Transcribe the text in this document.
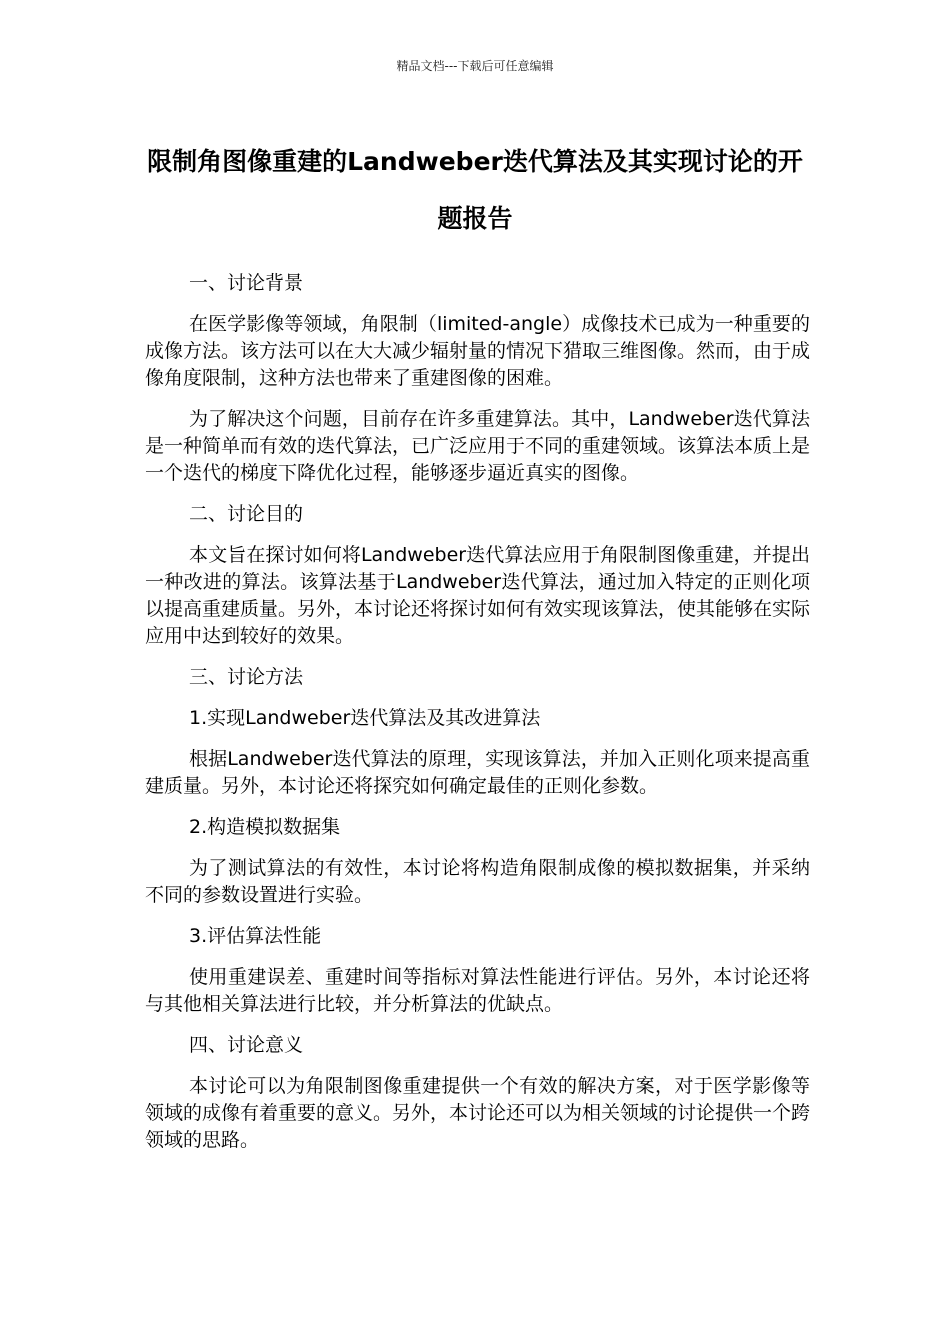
精品文档---下载后可任意编辑
限制角图像重建的Landweber迭代算法及其实现讨论的开题报告

一、讨论背景

在医学影像等领域，角限制（limited-angle）成像技术已成为一种重要的成像方法。该方法可以在大大减少辐射量的情况下猎取三维图像。然而，由于成像角度限制，这种方法也带来了重建图像的困难。

为了解决这个问题，目前存在许多重建算法。其中，Landweber迭代算法是一种简单而有效的迭代算法，已广泛应用于不同的重建领域。该算法本质上是一个迭代的梯度下降优化过程，能够逐步逼近真实的图像。

二、讨论目的

本文旨在探讨如何将Landweber迭代算法应用于角限制图像重建，并提出一种改进的算法。该算法基于Landweber迭代算法，通过加入特定的正则化项以提高重建质量。另外，本讨论还将探讨如何有效实现该算法，使其能够在实际应用中达到较好的效果。

三、讨论方法

1.实现Landweber迭代算法及其改进算法

根据Landweber迭代算法的原理，实现该算法，并加入正则化项来提高重建质量。另外，本讨论还将探究如何确定最佳的正则化参数。

2.构造模拟数据集

为了测试算法的有效性，本讨论将构造角限制成像的模拟数据集，并采纳不同的参数设置进行实验。

3.评估算法性能

使用重建误差、重建时间等指标对算法性能进行评估。另外，本讨论还将与其他相关算法进行比较，并分析算法的优缺点。

四、讨论意义

本讨论可以为角限制图像重建提供一个有效的解决方案，对于医学影像等领域的成像有着重要的意义。另外，本讨论还可以为相关领域的讨论提供一个跨领域的思路。
